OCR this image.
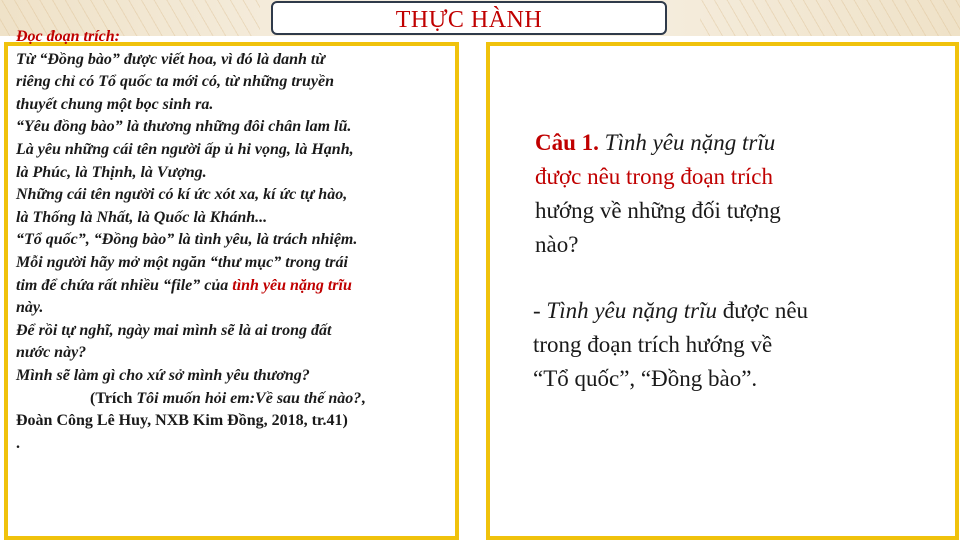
THỰC HÀNH
Đọc đoạn trích:
Từ “Đồng bào” được viết hoa, vì đó là danh từ
riêng chỉ có Tổ quốc ta mới có, từ những truyền
thuyết chung một bọc sinh ra.
“Yêu đồng bào” là thương những đôi chân lam lũ.
Là yêu những cái tên người ấp ủ hi vọng, là Hạnh,
là Phúc, là Thịnh, là Vượng.
Những cái tên người có kí ức xót xa, kí ức tự hào,
là Thống là Nhất, là Quốc là Khánh...
“Tổ quốc”, “Đồng bào” là tình yêu, là trách nhiệm.
Mỗi người hãy mở một ngăn “thư mục” trong trái
tim để chứa rất nhiều “file” của tình yêu nặng trĩu
này.
Để rồi tự nghĩ, ngày mai mình sẽ là ai trong đất
nước này?
Mình sẽ làm gì cho xứ sở mình yêu thương?
(Trích Tôi muốn hỏi em:Về sau thế nào?,
Đoàn Công Lê Huy, NXB Kim Đồng, 2018, tr.41)
.
Câu 1. Tình yêu nặng trĩu
được nêu trong đoạn trích
hướng về những đối tượng
nào?
- Tình yêu nặng trĩu được nêu
trong đoạn trích hướng về
“Tổ quốc”, “Đồng bào”.
